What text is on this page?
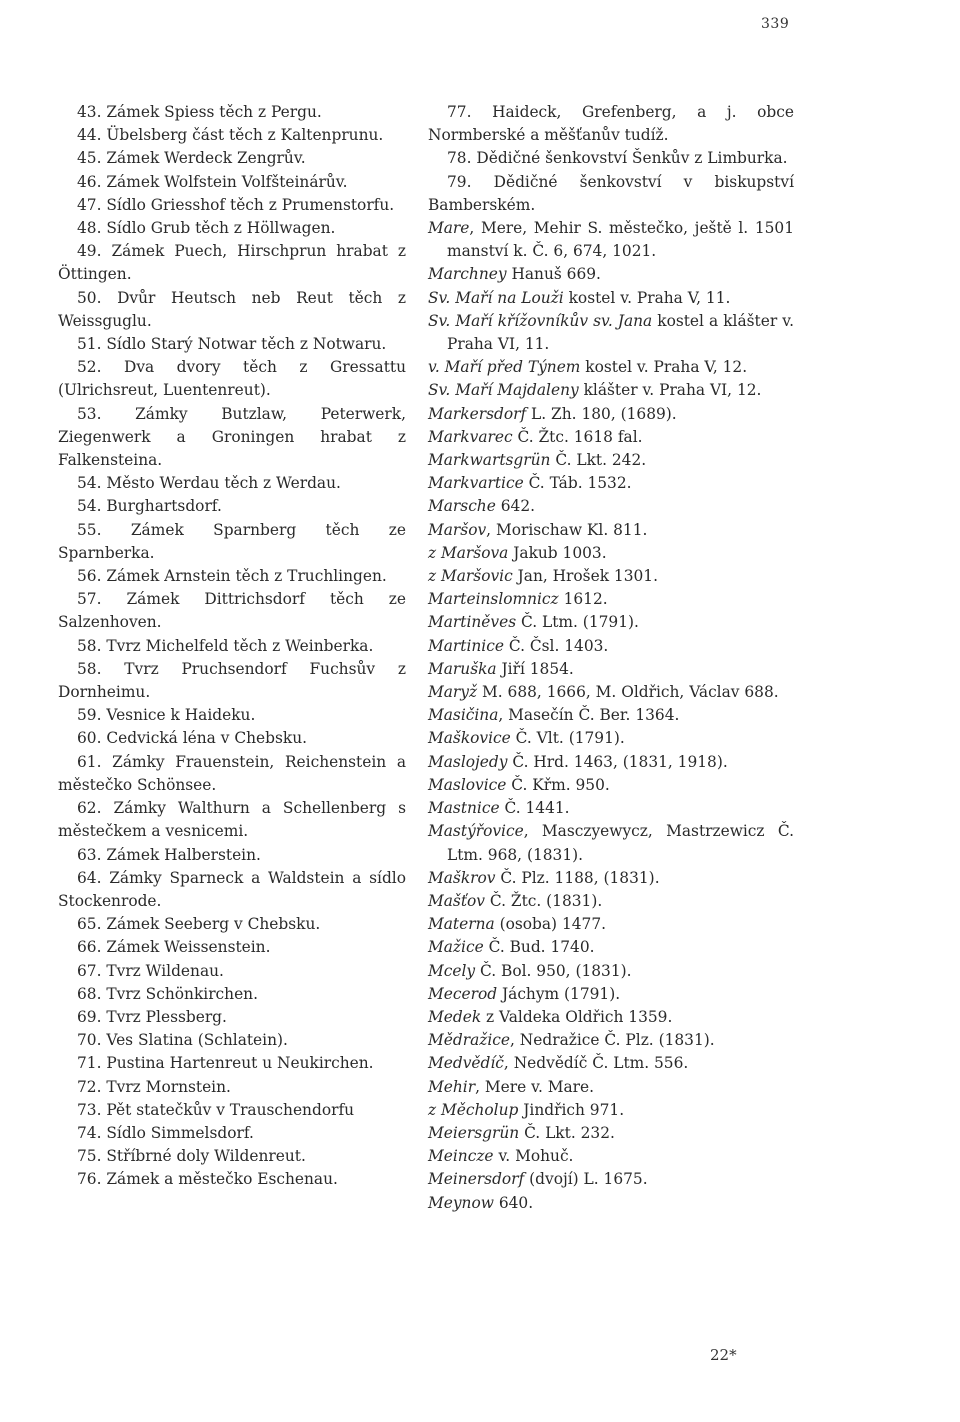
339

43. Zámek Spiess těch z Pergu.

44. Übelsberg část těch z Kaltenprunu.

45. Zámek Werdeck Zengrův.

46. Zámek Wolfstein Volfšteinárův.

47. Sídlo Griesshof těch z Prumenstorfu.

48. Sídlo Grub těch z Höllwagen.

49. Zámek Puech, Hirschprun hrabat z Öttingen.

50. Dvůr Heutsch neb Reut těch z Weissguglu.

51. Sídlo Starý Notwar těch z Notwaru.

52. Dva dvory těch z Gressattu (Ulrichsreut, Luentenreut).

53. Zámky Butzlaw, Peterwerk, Ziegenwerk a Groningen hrabat z Falkensteina.

54. Město Werdau těch z Werdau.

54. Burghartsdorf.

55. Zámek Sparnberg těch ze Sparnberka.

56. Zámek Arnstein těch z Truchlingen.

57. Zámek Dittrichsdorf těch ze Salzenhoven.

58. Tvrz Michelfeld těch z Weinberka.

58. Tvrz Pruchsendorf Fuchsův z Dornheimu.

59. Vesnice k Haideku.

60. Cedvická léna v Chebsku.

61. Zámky Frauenstein, Reichenstein a městečko Schönsee.

62. Zámky Walthurn a Schellenberg s městečkem a vesnicemi.

63. Zámek Halberstein.

64. Zámky Sparneck a Waldstein a sídlo Stockenrode.

65. Zámek Seeberg v Chebsku.

66. Zámek Weissenstein.

67. Tvrz Wildenau.

68. Tvrz Schönkirchen.

69. Tvrz Plessberg.

70. Ves Slatina (Schlatein).

71. Pustina Hartenreut u Neukirchen.

72. Tvrz Mornstein.

73. Pět statečkův v Trauschendorfu

74. Sídlo Simmelsdorf.

75. Stříbrné doly Wildenreut.

76. Zámek a městečko Eschenau.

77. Haideck, Grefenberg, a j. obce Normberské a měšťanův tudíž.

78. Dědičné šenkovství Šenkův z Limburka.

79. Dědičné šenkovství v biskupství Bamberském.

Mare, Mere, Mehir S. městečko, ještě l. 1501 manství k. Č. 6, 674, 1021.

Marchney Hanuš 669.

Sv. Maří na Louži kostel v. Praha V, 11.

Sv. Maří křížovníkův sv. Jana kostel a klášter v. Praha VI, 11.

v. Maří před Týnem kostel v. Praha V, 12.

Sv. Maří Majdaleny klášter v. Praha VI, 12.

Markersdorf L. Zh. 180, (1689).

Markvarec Č. Žtc. 1618 fal.

Markwartsgrün Č. Lkt. 242.

Markvartice Č. Táb. 1532.

Marsche 642.

Maršov, Morischaw Kl. 811.

z Maršova Jakub 1003.

z Maršovic Jan, Hrošek 1301.

Marteinslomnicz 1612.

Martiněves Č. Ltm. (1791).

Martinice Č. Čsl. 1403.

Maruška Jiří 1854.

Maryž M. 688, 1666, M. Oldřich, Václav 688.

Masičina, Masečín Č. Ber. 1364.

Maškovice Č. Vlt. (1791).

Maslojedy Č. Hrd. 1463, (1831, 1918).

Maslovice Č. Křm. 950.

Mastnice Č. 1441.

Mastýřovice, Masczyewycz, Mastrzewicz Č. Ltm. 968, (1831).

Maškrov Č. Plz. 1188, (1831).

Mašťov Č. Žtc. (1831).

Materna (osoba) 1477.

Mažice Č. Bud. 1740.

Mcely Č. Bol. 950, (1831).

Mecerod Jáchym (1791).

Medek z Valdeka Oldřich 1359.

Mědražice, Nedražice Č. Plz. (1831).

Medvědíč, Nedvědíč Č. Ltm. 556.

Mehir, Mere v. Mare.

z Měcholup Jindřich 971.

Meiersgrün Č. Lkt. 232.

Meincze v. Mohuč.

Meinersdorf (dvojí) L. 1675.

Meynow 640.

22*
